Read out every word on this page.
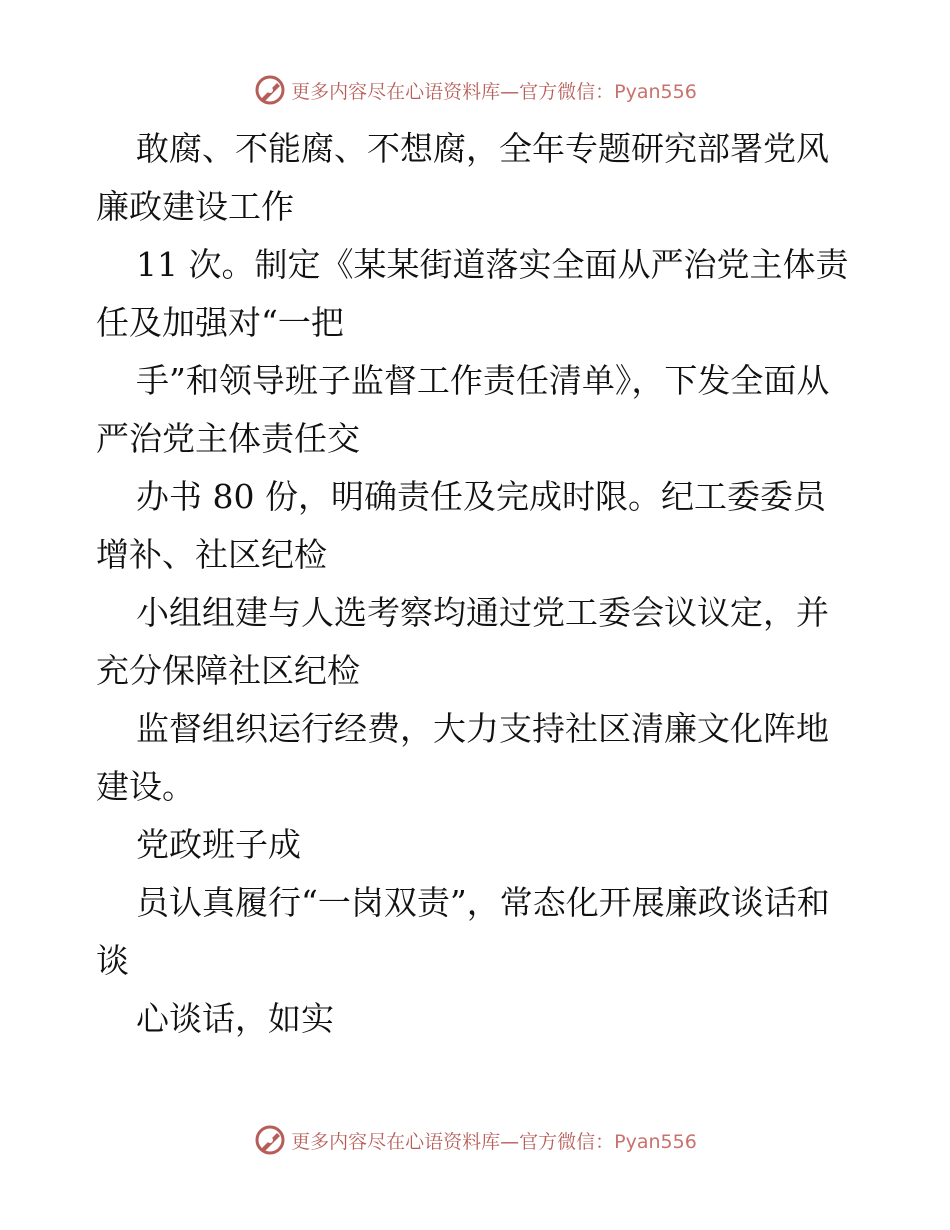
更多内容尽在心语资料库—官方微信：Pyan556

敢腐、不能腐、不想腐，全年专题研究部署党风廉政建设工作

11 次。制定《某某街道落实全面从严治党主体责任及加强对“一把

手”和领导班子监督工作责任清单》，下发全面从严治党主体责任交

办书 80 份，明确责任及完成时限。纪工委委员增补、社区纪检

小组组建与人选考察均通过党工委会议议定，并充分保障社区纪检

监督组织运行经费，大力支持社区清廉文化阵地建设。

党政班子成

员认真履行“一岗双责”，常态化开展廉政谈话和谈

心谈话，如实

更多内容尽在心语资料库—官方微信：Pyan556
